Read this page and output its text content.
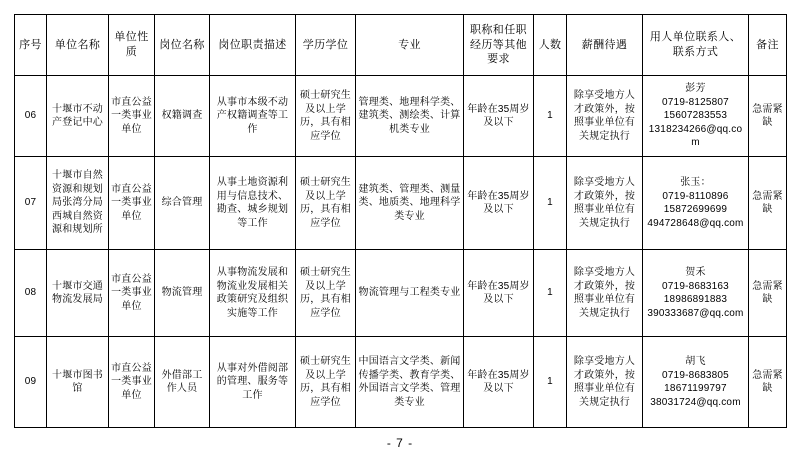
序号	单位名称	单位性质	岗位名称	岗位职责描述	学历学位	专业	职称和任职经历等其他要求	人数	薪酬待遇	用人单位联系人、联系方式	备注
06	十堰市不动产登记中心	市直公益一类事业单位	权籍调查	从事市本级不动产权籍调查等工作	硕士研究生及以上学历，具有相应学位	管理类、地理科学类、建筑类、测绘类、计算机类专业	年龄在35周岁及以下	1	除享受地方人才政策外，按照事业单位有关规定执行	彭芳
0719-8125807
15607283553
1318234266@qq.com	急需紧缺
07	十堰市自然资源和规划局张湾分局西城自然资源和规划所	市直公益一类事业单位	综合管理	从事土地资源利用与信息技术、勘查、城乡规划等工作	硕士研究生及以上学历，具有相应学位	建筑类、管理类、测量类、地质类、地理科学类专业	年龄在35周岁及以下	1	除享受地方人才政策外，按照事业单位有关规定执行	张玉：
0719-8110896
15872699699
494728648@qq.com	急需紧缺
08	十堰市交通物流发展局	市直公益一类事业单位	物流管理	从事物流发展和物流业发展相关政策研究及组织实施等工作	硕士研究生及以上学历，具有相应学位	物流管理与工程类专业	年龄在35周岁及以下	1	除享受地方人才政策外，按照事业单位有关规定执行	贺禾
0719-8683163
18986891883
390333687@qq.com	急需紧缺
09	十堰市图书馆	市直公益一类事业单位	外借部工作人员	从事对外借阅部的管理、服务等工作	硕士研究生及以上学历，具有相应学位	中国语言文学类、新闻传播学类、教育学类、外国语言文学类、管理类专业	年龄在35周岁及以下	1	除享受地方人才政策外，按照事业单位有关规定执行	胡飞
0719-8683805
18671199797
38031724@qq.com	急需紧缺
- 7 -
